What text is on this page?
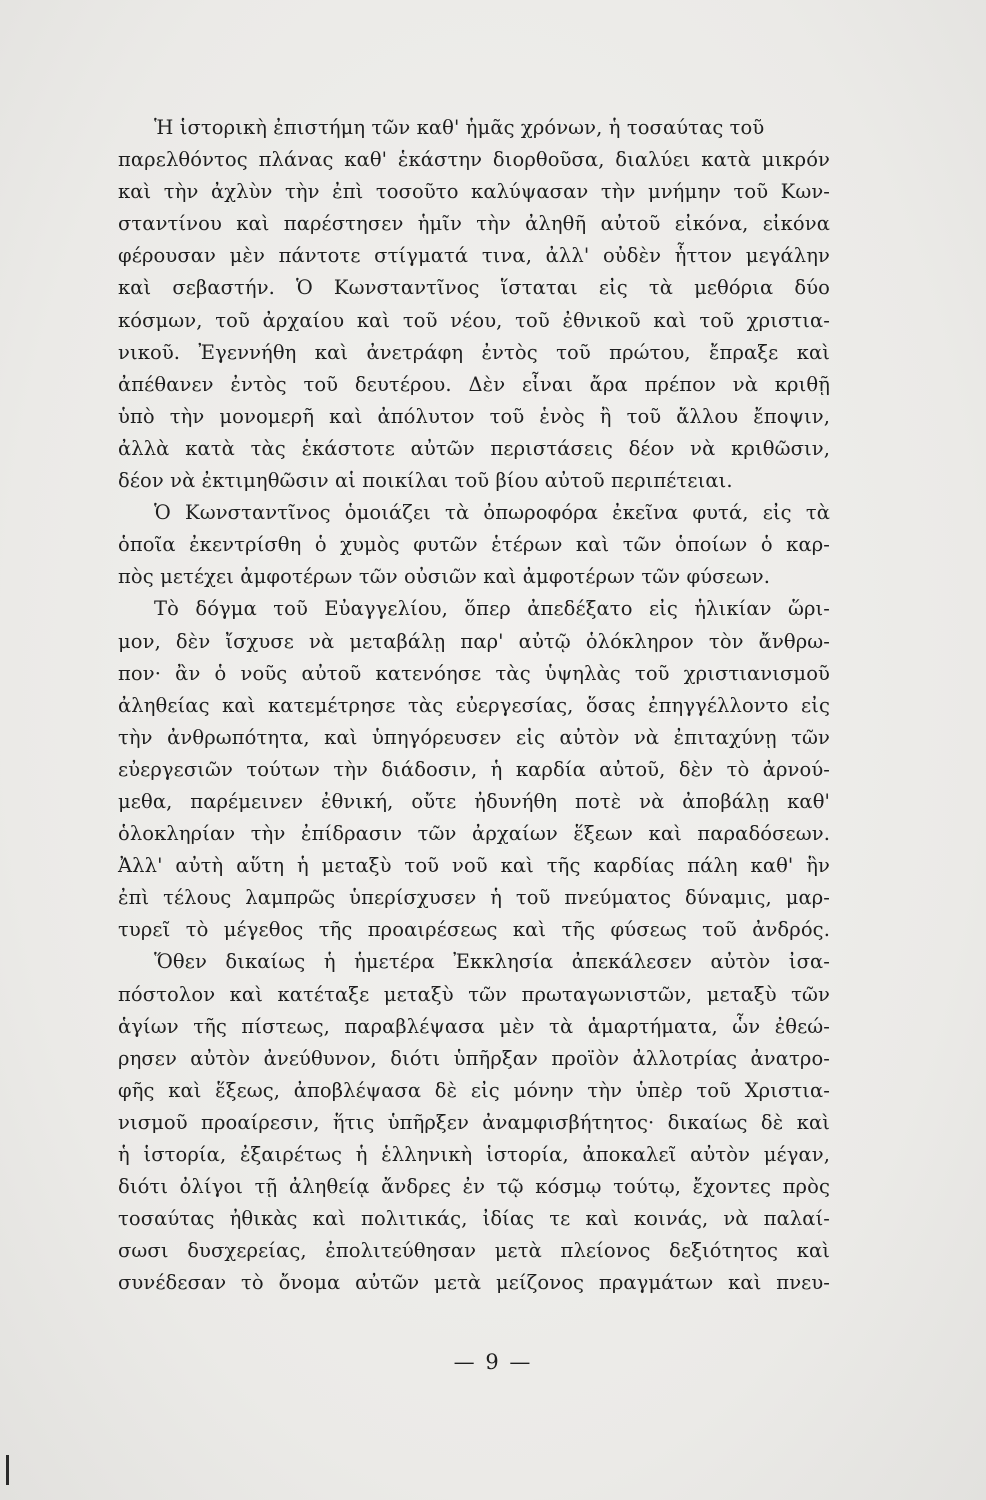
Ἡ ἱστορικὴ ἐπιστήμη τῶν καθ' ἡμᾶς χρόνων, ἡ τοσαύτας τοῦ
παρελθόντος πλάνας καθ' ἑκάστην διορθοῦσα, διαλύει κατὰ μικρόν
καὶ τὴν ἀχλὺν τὴν ἐπὶ τοσοῦτο καλύψασαν τὴν μνήμην τοῦ Κων-
σταντίνου καὶ παρέστησεν ἡμῖν τὴν ἀληθῆ αὐτοῦ εἰκόνα, εἰκόνα
φέρουσαν μὲν πάντοτε στίγματά τινα, ἀλλ' οὐδὲν ἧττον μεγάλην
καὶ σεβαστήν. Ὁ Κωνσταντῖνος ἵσταται εἰς τὰ μεθόρια δύο
κόσμων, τοῦ ἀρχαίου καὶ τοῦ νέου, τοῦ ἐθνικοῦ καὶ τοῦ χριστια-
νικοῦ. Ἐγεννήθη καὶ ἀνετράφη ἐντὸς τοῦ πρώτου, ἔπραξε καὶ
ἀπέθανεν ἐντὸς τοῦ δευτέρου. Δὲν εἶναι ἄρα πρέπον νὰ κριθῇ
ὑπὸ τὴν μονομερῆ καὶ ἀπόλυτον τοῦ ἑνὸς ἢ τοῦ ἄλλου ἔποψιν,
ἀλλὰ κατὰ τὰς ἑκάστοτε αὐτῶν περιστάσεις δέον νὰ κριθῶσιν,
δέον νὰ ἐκτιμηθῶσιν αἱ ποικίλαι τοῦ βίου αὐτοῦ περιπέτειαι.
Ὁ Κωνσταντῖνος ὁμοιάζει τὰ ὀπωροφόρα ἐκεῖνα φυτά, εἰς τὰ
ὁποῖα ἐκεντρίσθη ὁ χυμὸς φυτῶν ἑτέρων καὶ τῶν ὁποίων ὁ καρ-
πὸς μετέχει ἀμφοτέρων τῶν οὐσιῶν καὶ ἀμφοτέρων τῶν φύσεων.
Τὸ δόγμα τοῦ Εὐαγγελίου, ὅπερ ἀπεδέξατο εἰς ἡλικίαν ὥρι-
μον, δὲν ἴσχυσε νὰ μεταβάλῃ παρ' αὐτῷ ὁλόκληρον τὸν ἄνθρω-
πον· ἂν ὁ νοῦς αὐτοῦ κατενόησε τὰς ὑψηλὰς τοῦ χριστιανισμοῦ
ἀληθείας καὶ κατεμέτρησε τὰς εὐεργεσίας, ὅσας ἐπηγγέλλοντο εἰς
τὴν ἀνθρωπότητα, καὶ ὑπηγόρευσεν εἰς αὐτὸν νὰ ἐπιταχύνῃ τῶν
εὐεργεσιῶν τούτων τὴν διάδοσιν, ἡ καρδία αὐτοῦ, δὲν τὸ ἀρνού-
μεθα, παρέμεινεν ἐθνική, οὔτε ἠδυνήθη ποτὲ νὰ ἀποβάλῃ καθ'
ὁλοκληρίαν τὴν ἐπίδρασιν τῶν ἀρχαίων ἕξεων καὶ παραδόσεων.
Ἀλλ' αὐτὴ αὕτη ἡ μεταξὺ τοῦ νοῦ καὶ τῆς καρδίας πάλη καθ' ἣν
ἐπὶ τέλους λαμπρῶς ὑπερίσχυσεν ἡ τοῦ πνεύματος δύναμις, μαρ-
τυρεῖ τὸ μέγεθος τῆς προαιρέσεως καὶ τῆς φύσεως τοῦ ἀνδρός.
Ὅθεν δικαίως ἡ ἡμετέρα Ἐκκλησία ἀπεκάλεσεν αὐτὸν ἰσα-
πόστολον καὶ κατέταξε μεταξὺ τῶν πρωταγωνιστῶν, μεταξὺ τῶν
ἁγίων τῆς πίστεως, παραβλέψασα μὲν τὰ ἁμαρτήματα, ὧν ἐθεώ-
ρησεν αὐτὸν ἀνεύθυνον, διότι ὑπῆρξαν προϊὸν ἀλλοτρίας ἀνατρο-
φῆς καὶ ἕξεως, ἀποβλέψασα δὲ εἰς μόνην τὴν ὑπὲρ τοῦ Χριστια-
νισμοῦ προαίρεσιν, ἥτις ὑπῆρξεν ἀναμφισβήτητος· δικαίως δὲ καὶ
ἡ ἱστορία, ἐξαιρέτως ἡ ἑλληνικὴ ἱστορία, ἀποκαλεῖ αὐτὸν μέγαν,
διότι ὀλίγοι τῇ ἀληθείᾳ ἄνδρες ἐν τῷ κόσμῳ τούτῳ, ἔχοντες πρὸς
τοσαύτας ἠθικὰς καὶ πολιτικάς, ἰδίας τε καὶ κοινάς, νὰ παλαί-
σωσι δυσχερείας, ἐπολιτεύθησαν μετὰ πλείονος δεξιότητος καὶ
συνέδεσαν τὸ ὄνομα αὐτῶν μετὰ μείζονος πραγμάτων καὶ πνευ-
— 9 —
